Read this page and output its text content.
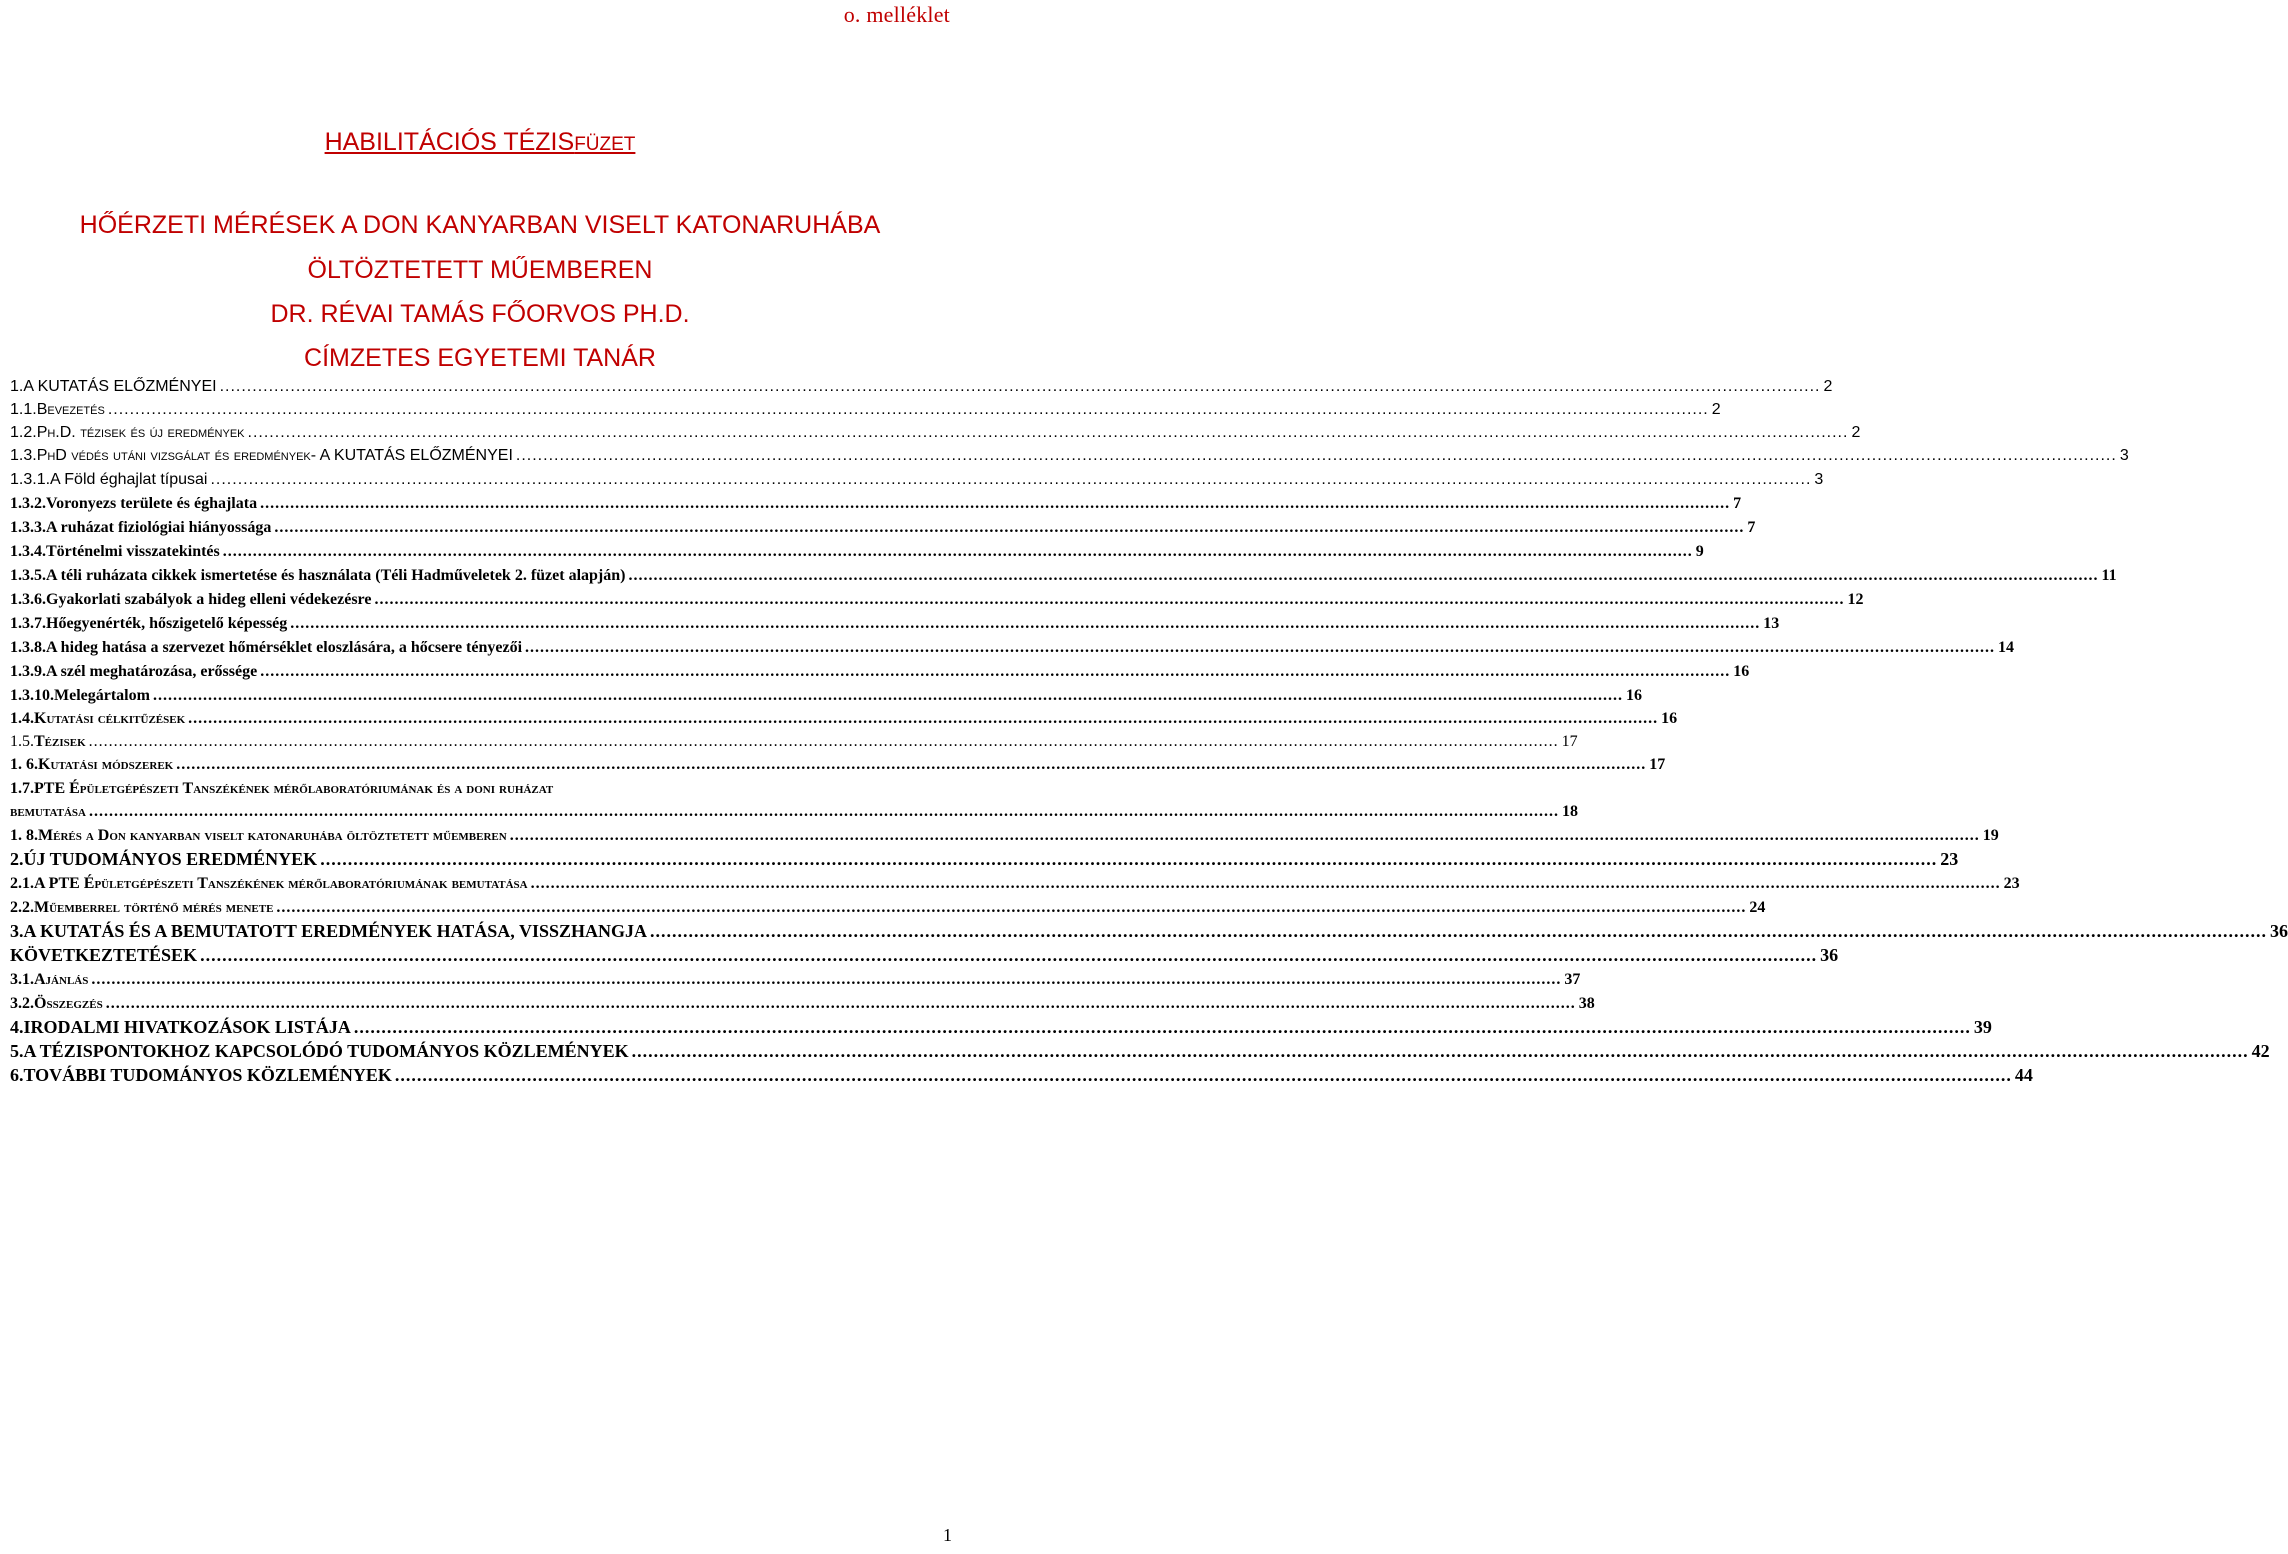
o. melléklet
HABILITÁCIÓS TÉZISFÜZET
HŐÉRZETI MÉRÉSEK A DON KANYARBAN VISELT KATONARUHÁBA
ÖLTÖZTETETT MŰEMBEREN
DR. RÉVAI TAMÁS FŐORVOS PH.D.
CÍMZETES EGYETEMI TANÁR
1. A KUTATÁS ELŐZMÉNYEI .....	2
1.1. Bevezetés .....	2
1.2. Ph.D. tézisek és új eredmények .....	2
1.3. PhD védés utáni vizsgálat és eredmények- A KUTATÁS ELŐZMÉNYEI .....	3
1.3.1. A Föld éghajlat típusai .....	3
1.3.2. Voronyezs területe és éghajlata .....	7
1.3.3. A ruházat fiziológiai hiányossága .....	7
1.3.4. Történelmi visszatekintés .....	9
1.3.5. A téli ruházata cikkek ismertetése és használata (Téli Hadműveletek 2. füzet alapján) .....	11
1.3.6. Gyakorlati szabályok a hideg elleni védekezésre .....	12
1.3.7. Hőegyenérték, hőszigetelő képesség .....	13
1.3.8. A hideg hatása a szervezet hőmérséklet eloszlására, a hőcsere tényezői .....	14
1.3.9. A szél meghatározása, erőssége .....	16
1.3.10. Melegártalom .....	16
1.4. Kutatási célkitűzések .....	16
1.5. Tézisek .....	17
1. 6. Kutatási módszerek .....	17
1.7. PTE Épületgépészeti Tanszékének mérőlaboratóriumának és a doni ruházat
bemutatása .....	18
1. 8. Mérés a Don kanyarban viselt katonaruhába öltöztetett műemberen .....	19
2. ÚJ TUDOMÁNYOS EREDMÉNYEK .....	23
2.1. A PTE Épületgépészeti Tanszékének mérőlaboratóriumának bemutatása .....	23
2.2. Műemberrel történő mérés menete .....	24
3. A KUTATÁS ÉS A BEMUTATOTT EREDMÉNYEK HATÁSA, VISSZHANGJA .....	36
KÖVETKEZTETÉSEK .....	36
3.1. Ajánlás .....	37
3.2. Összegzés .....	38
4. IRODALMI HIVATKOZÁSOK LISTÁJA .....	39
5. A TÉZISPONTOKHOZ KAPCSOLÓDÓ TUDOMÁNYOS KÖZLEMÉNYEK .....	42
6. TOVÁBBI TUDOMÁNYOS KÖZLEMÉNYEK .....	44
1
